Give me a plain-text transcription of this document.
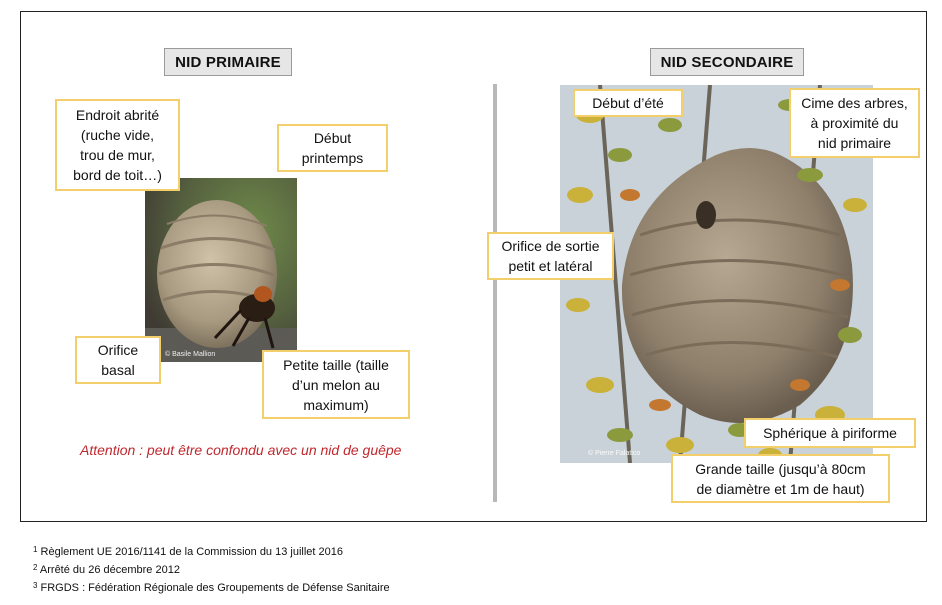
NID PRIMAIRE
© Basile Mallion
Endroit abrité
(ruche vide,
trou de mur,
bord de toit…)
Début
printemps
Orifice
basal	Petite taille (taille
d’un melon au
maximum)
Attention : peut être confondu avec un nid de guêpe
NID SECONDAIRE
© Pierre Falatico
Début d’été	Cime des arbres,
à proximité du
nid primaire
Orifice de sortie
petit et latéral
Sphérique à piriforme
Grande taille (jusqu’à 80cm
de diamètre et 1m de haut)
$^1$ Règlement UE 2016/1141 de la Commission du 13 juillet 2016
$^2$ Arrêté du 26 décembre 2012
$^3$ FRGDS : Fédération Régionale des Groupements de Défense Sanitaire
